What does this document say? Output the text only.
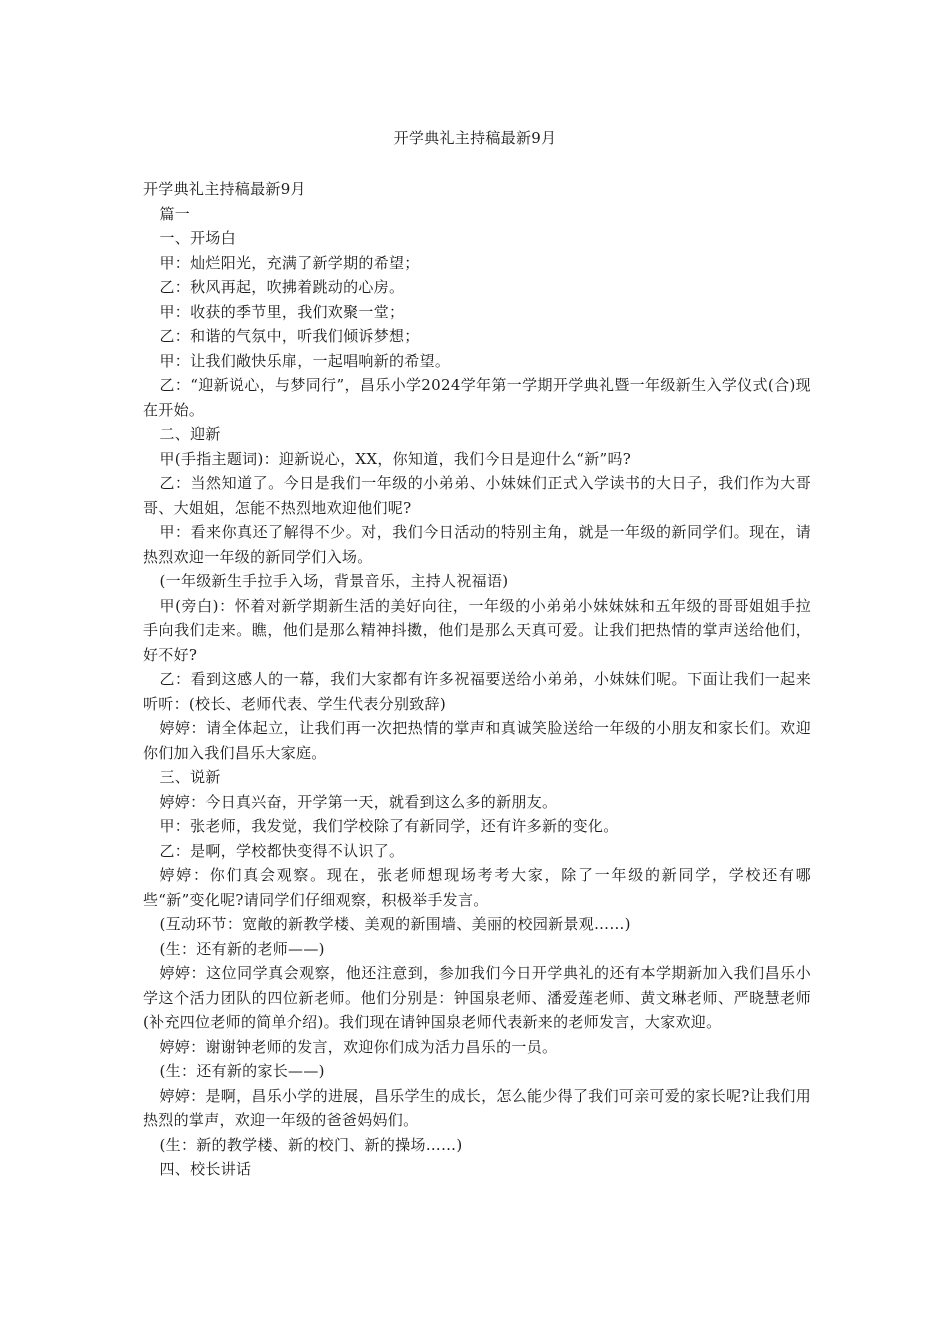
开学典礼主持稿最新9月

开学典礼主持稿最新9月

篇一

一、开场白

甲：灿烂阳光，充满了新学期的希望；

乙：秋风再起，吹拂着跳动的心房。

甲：收获的季节里，我们欢聚一堂；

乙：和谐的气氛中，听我们倾诉梦想；

甲：让我们敞快乐扉，一起唱响新的希望。

乙：“迎新说心，与梦同行”，昌乐小学2024学年第一学期开学典礼暨一年级新生入学仪式(合)现在开始。

二、迎新

甲(手指主题词)：迎新说心，XX，你知道，我们今日是迎什么“新”吗?

乙：当然知道了。今日是我们一年级的小弟弟、小妹妹们正式入学读书的大日子，我们作为大哥哥、大姐姐，怎能不热烈地欢迎他们呢?

甲：看来你真还了解得不少。对，我们今日活动的特别主角，就是一年级的新同学们。现在，请热烈欢迎一年级的新同学们入场。

(一年级新生手拉手入场，背景音乐，主持人祝福语)

甲(旁白)：怀着对新学期新生活的美好向往，一年级的小弟弟小妹妹妹和五年级的哥哥姐姐手拉手向我们走来。瞧，他们是那么精神抖擞，他们是那么天真可爱。让我们把热情的掌声送给他们，好不好?

乙：看到这感人的一幕，我们大家都有许多祝福要送给小弟弟，小妹妹们呢。下面让我们一起来听听：(校长、老师代表、学生代表分别致辞)

婷婷：请全体起立，让我们再一次把热情的掌声和真诚笑脸送给一年级的小朋友和家长们。欢迎你们加入我们昌乐大家庭。

三、说新

婷婷：今日真兴奋，开学第一天，就看到这么多的新朋友。

甲：张老师，我发觉，我们学校除了有新同学，还有许多新的变化。

乙：是啊，学校都快变得不认识了。

婷婷：你们真会观察。现在，张老师想现场考考大家，除了一年级的新同学，学校还有哪些“新”变化呢?请同学们仔细观察，积极举手发言。

(互动环节：宽敞的新教学楼、美观的新围墙、美丽的校园新景观……)

(生：还有新的老师——)

婷婷：这位同学真会观察，他还注意到，参加我们今日开学典礼的还有本学期新加入我们昌乐小学这个活力团队的四位新老师。他们分别是：钟国泉老师、潘爱莲老师、黄文琳老师、严晓慧老师(补充四位老师的简单介绍)。我们现在请钟国泉老师代表新来的老师发言，大家欢迎。

婷婷：谢谢钟老师的发言，欢迎你们成为活力昌乐的一员。

(生：还有新的家长——)

婷婷：是啊，昌乐小学的进展，昌乐学生的成长，怎么能少得了我们可亲可爱的家长呢?让我们用热烈的掌声，欢迎一年级的爸爸妈妈们。

(生：新的教学楼、新的校门、新的操场……)

四、校长讲话
